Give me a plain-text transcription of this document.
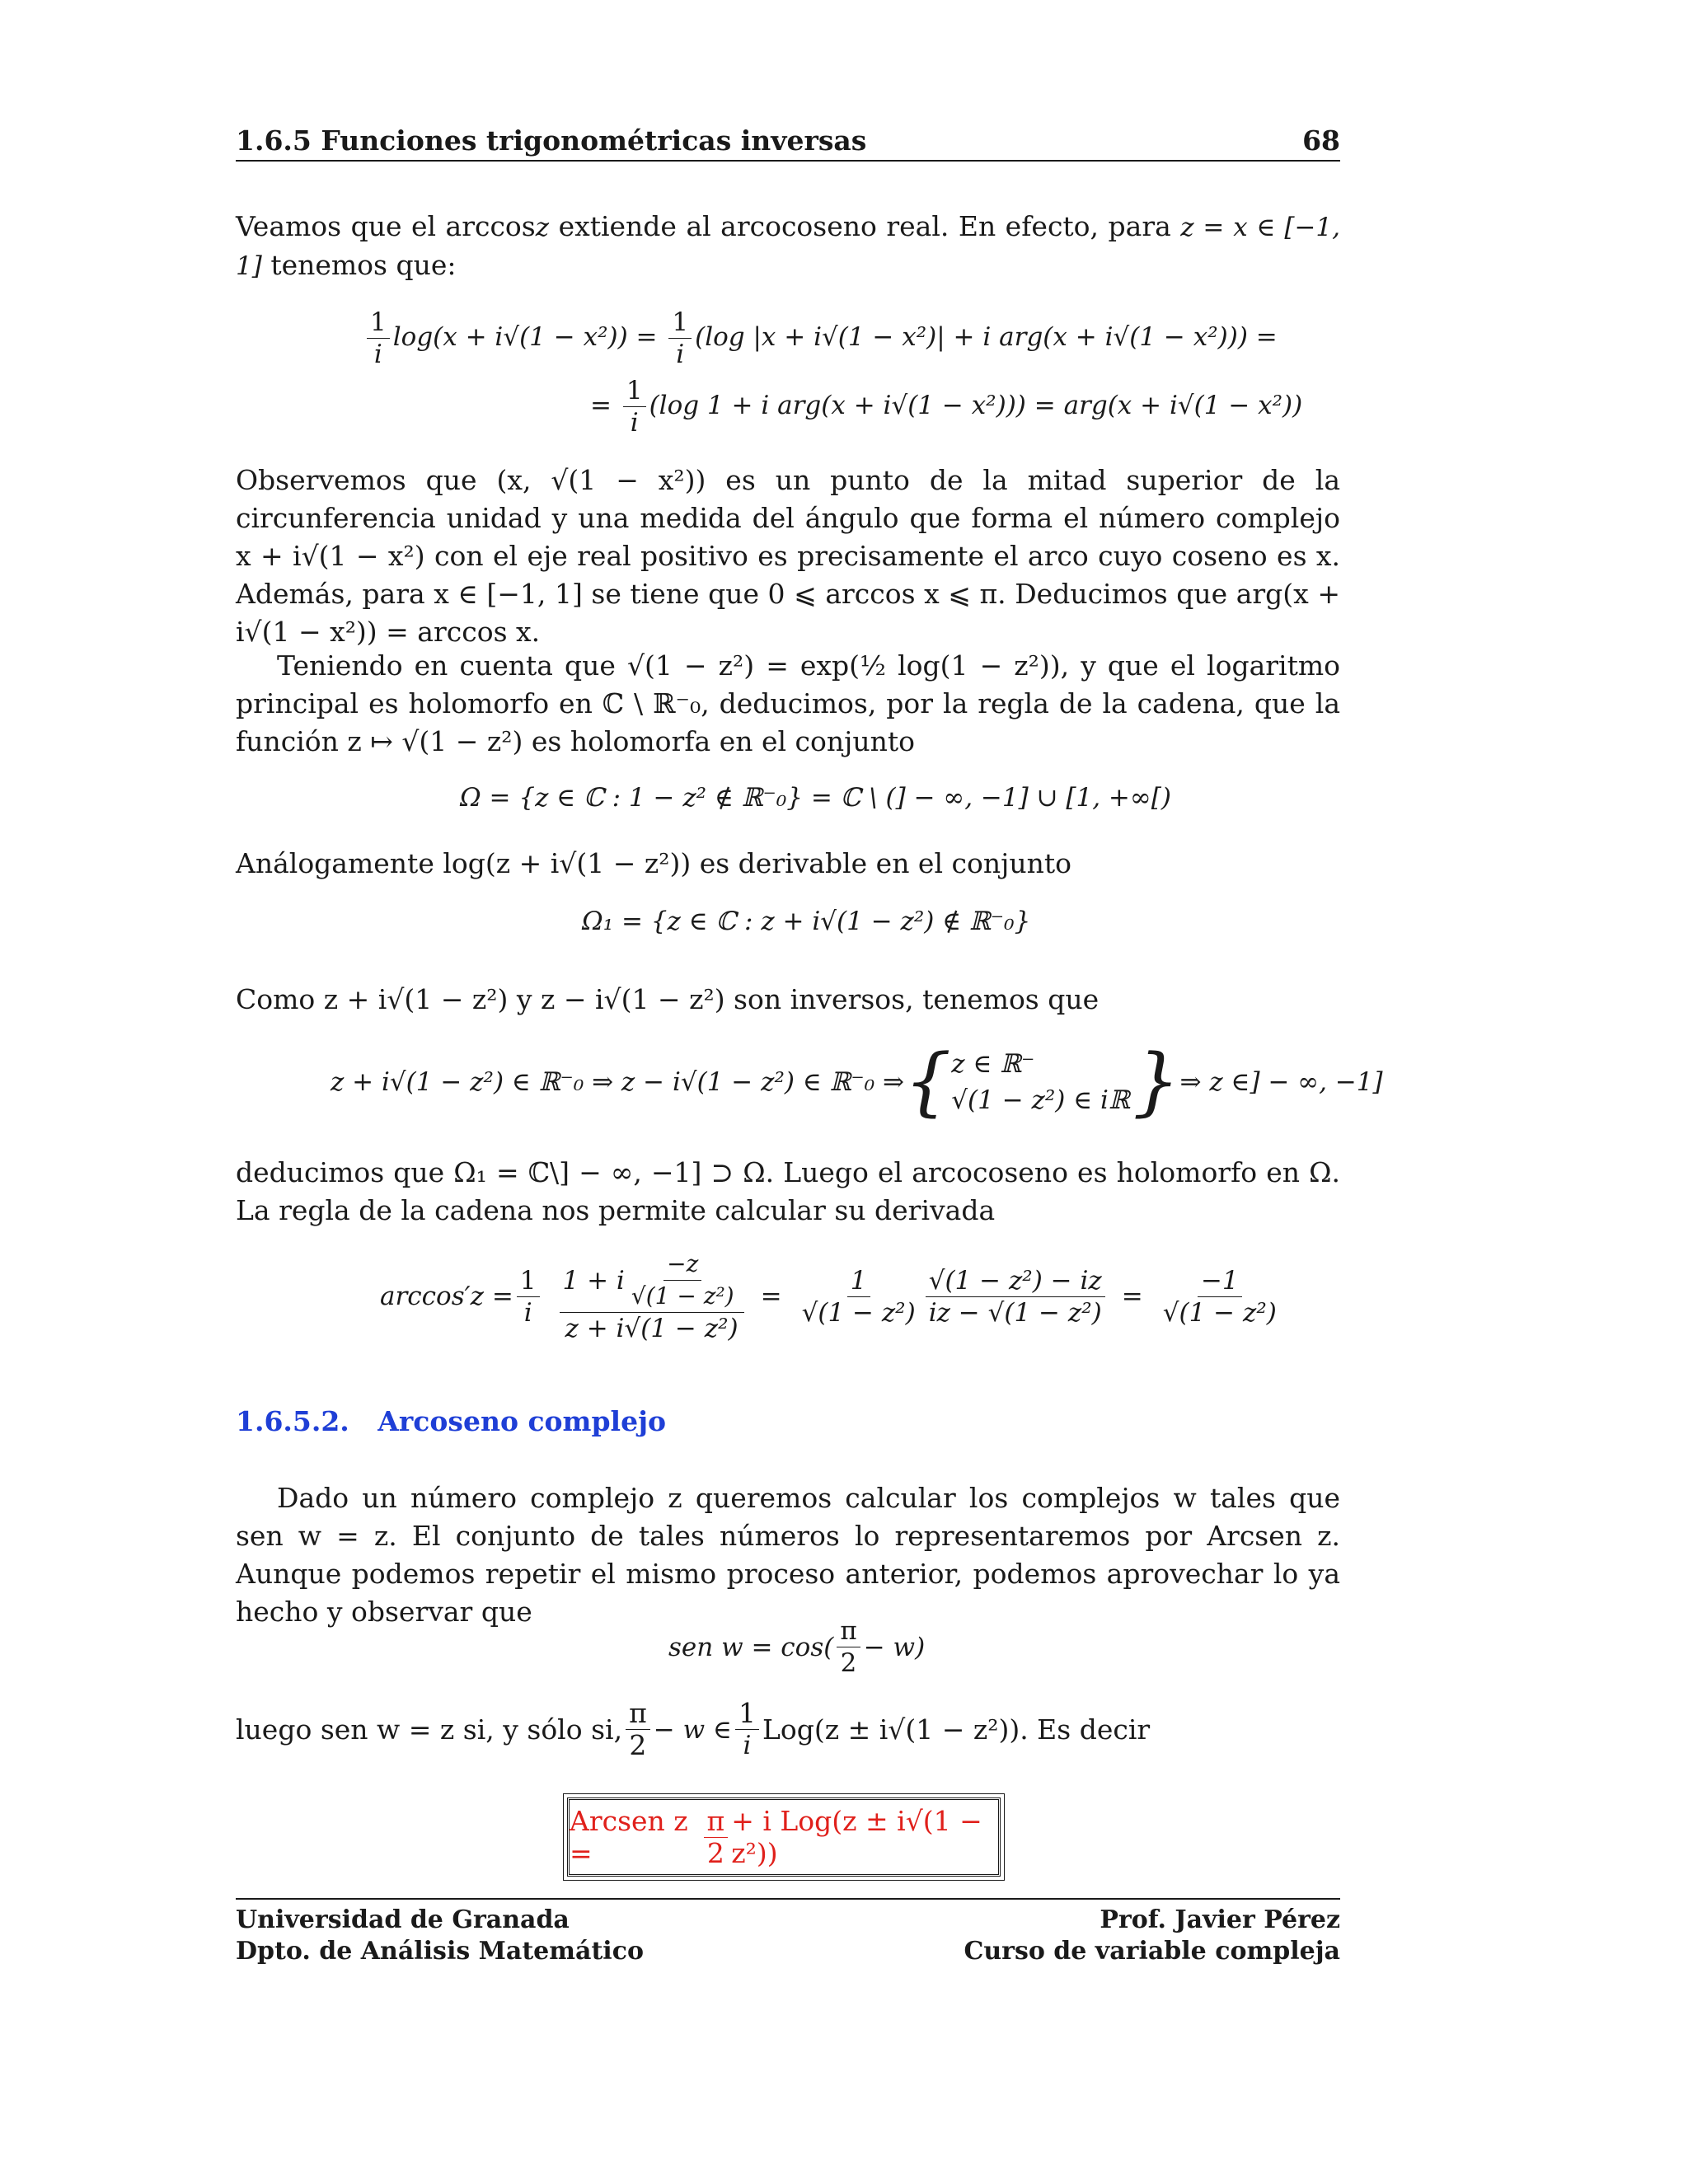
1.6.5 Funciones trigonométricas inversas	68
Veamos que el arccosz extiende al arcocoseno real. En efecto, para z = x ∈ [−1, 1] tenemos que:
$\frac{1}{i} \log(x + i√(1 - x^2)) = \frac{1}{i} (\log$ |x + i√(1 − x²)| + i arg(x + i√(1 − x²))) =
= $\frac{1}{i} (\log$ 1 + i arg(x + i√(1 − x²))) = arg(x + i√(1 − x²))
Observemos que (x, √(1 − x²)) es un punto de la mitad superior de la circunferencia unidad y una medida del ángulo que forma el número complejo x + i√(1 − x²) con el eje real positivo es precisamente el arco cuyo coseno es x. Además, para x ∈ [−1, 1] se tiene que 0 ⩽ arccos x ⩽ π. Deducimos que arg(x + i√(1 − x²)) = arccos x.
Teniendo en cuenta que √(1 − z²) = exp(½ log(1 − z²)), y que el logaritmo principal es holomorfo en ℂ \ ℝ⁻₀, deducimos, por la regla de la cadena, que la función z ↦ √(1 − z²) es holomorfa en el conjunto
Ω = {z ∈ ℂ : 1 − z² ∉ ℝ⁻₀} = ℂ \ (] − ∞, −1] ∪ [1, +∞[)
Análogamente log(z + i√(1 − z²)) es derivable en el conjunto
Ω₁ = {z ∈ ℂ : z + i√(1 − z²) ∉ ℝ⁻₀}
Como z + i√(1 − z²) y z − i√(1 − z²) son inversos, tenemos que
z + i√(1 − z²) ∈ ℝ⁻₀ ⇒ z − i√(1 − z²) ∈ ℝ⁻₀ ⇒ { z ∈ ℝ⁻
√(1 − z²) ∈ iℝ } ⇒ z ∈] − ∞, −1]
deducimos que Ω₁ = ℂ\] − ∞, −1] ⊃ Ω. Luego el arcocoseno es holomorfo en Ω. La regla de la cadena nos permite calcular su derivada
$\arccos'z = \frac{1}{i} \frac{1 + i \frac{-z}{\text{√(1 − z²)}}}{\text{z + i√(1 − z²)}} = \frac{1}{\text{√(1 − z²)}} \frac{\text{√(1 − z²) − iz}}{\text{iz − √(1 − z²)}} = \frac{-1}{\text{√(1 − z²)}}$
1.6.5.2. Arcoseno complejo
Dado un número complejo z queremos calcular los complejos w tales que sen w = z. El conjunto de tales números lo representaremos por Arcsen z. Aunque podemos repetir el mismo proceso anterior, podemos aprovechar lo ya hecho y observar que
sen $w = \cos( \frac{\pi}{2} - w)$
luego sen w = z si, y sólo si, $\frac{\pi}{2} - w$ ∈ $\frac{1}{i} Log(z \pm i√(1 - z^2))$. Es decir
Arcsen z =	$\frac{\pi}{2} + i$ Log(z ± i√(1 − z²))
Universidad de Granada
Dpto. de Análisis Matemático
Prof. Javier Pérez
Curso de variable compleja
